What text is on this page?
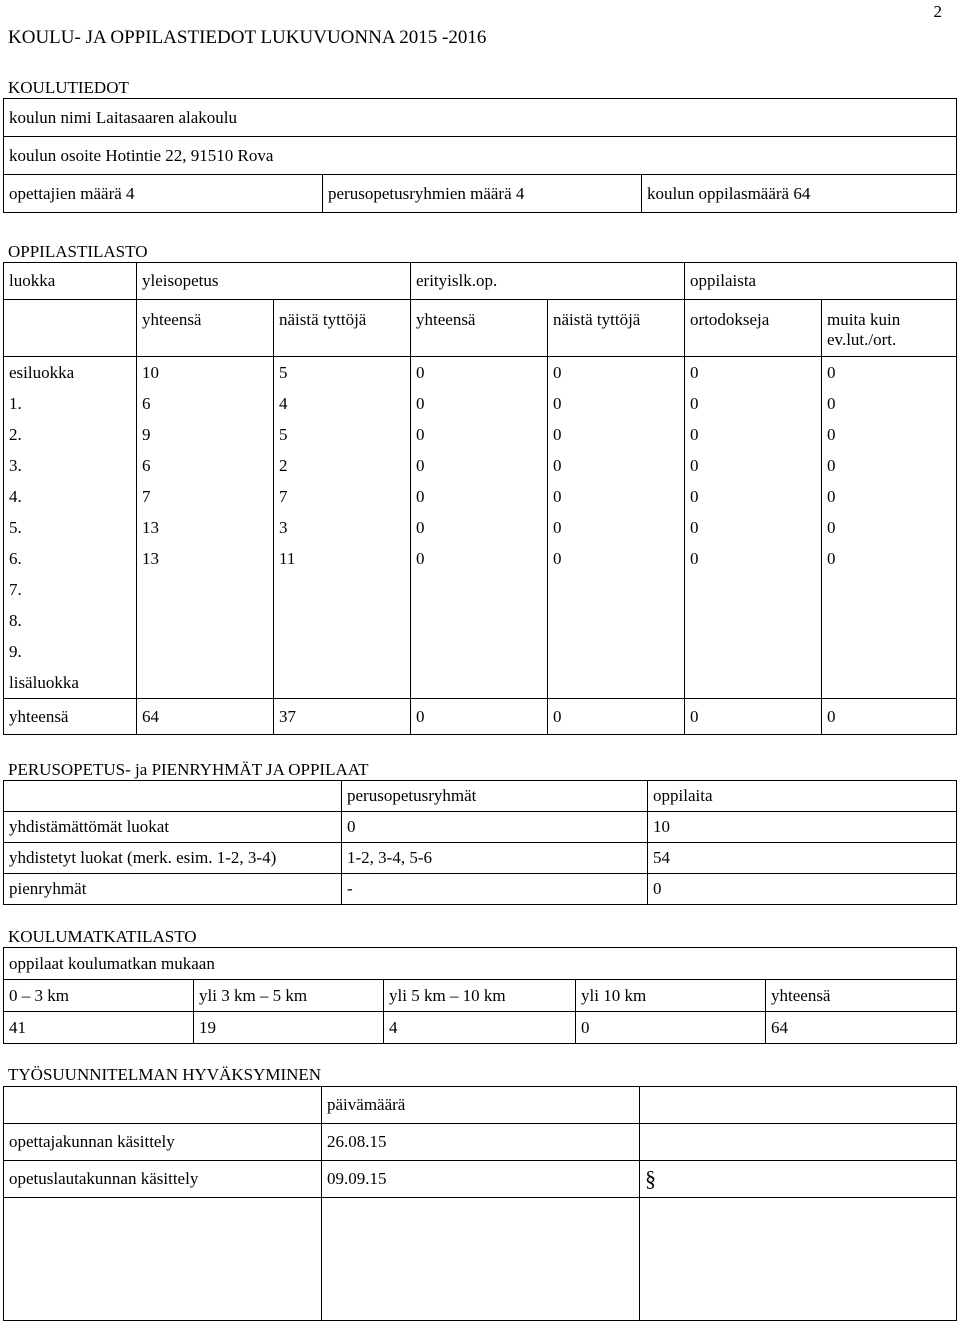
2
KOULU- JA OPPILASTIEDOT LUKUVUONNA 2015 -2016
KOULUTIEDOT
koulun nimi Laitasaaren alakoulu
koulun osoite Hotintie 22, 91510 Rova
opettajien määrä 4	perusopetusryhmien määrä 4	koulun oppilasmäärä 64
OPPILASTILASTO
luokka	yleisopetus		erityislk.op.		oppilaista	
	yhteensä	näistä tyttöjä	yhteensä	näistä tyttöjä	ortodokseja	muita kuin ev.lut./ort.
esiluokka	10	5	0	0	0	0
1.	6	4	0	0	0	0
2.	9	5	0	0	0	0
3.	6	2	0	0	0	0
4.	7	7	0	0	0	0
5.	13	3	0	0	0	0
6.	13	11	0	0	0	0
7.						
8.						
9.						
lisäluokka						
yhteensä	64	37	0	0	0	0
PERUSOPETUS- ja PIENRYHMÄT JA OPPILAAT
	perusopetusryhmät	oppilaita
yhdistämättömät luokat	0	10
yhdistetyt luokat (merk. esim. 1-2, 3-4)	1-2, 3-4, 5-6	54
pienryhmät	-	0
KOULUMATKATILASTO
oppilaat koulumatkan mukaan				
0 – 3 km	yli 3 km – 5 km	yli 5 km – 10 km	yli 10 km	yhteensä
41	19	4	0	64
TYÖSUUNNITELMAN HYVÄKSYMINEN
	päivämäärä	
opettajakunnan käsittely	26.08.15	
opetuslautakunnan käsittely	09.09.15	§
